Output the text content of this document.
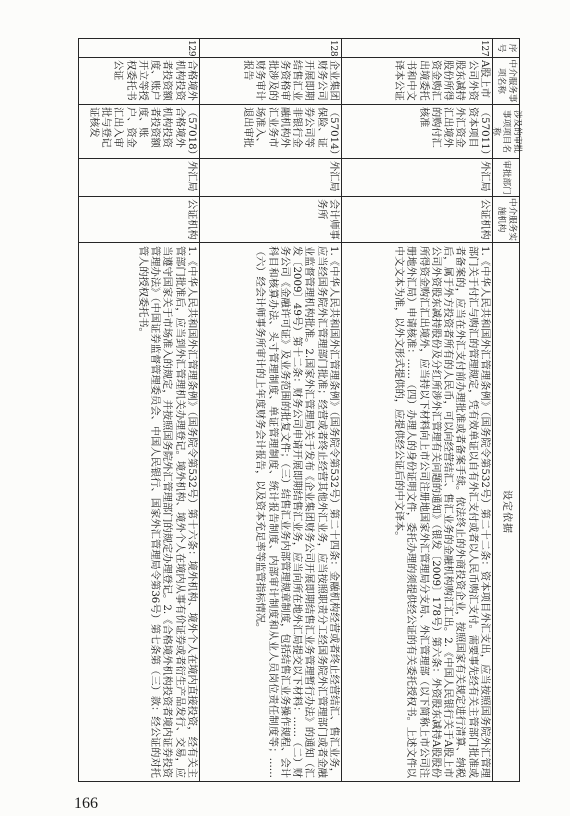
序号
中介服务事项名称
涉及的审批事项项目名称
审批部门
中介服务实施机构
设定依据
127
A股上市公司外资股东减持股份所得资金购汇出境委托书和中文译本公证
（57011）资本项目外汇资金汇出境外的购付汇核准
外汇局
公证机构
1.《中华人民共和国外汇管理条例》（国务院令第532号）第二十二条：资本项目外汇支出，应当按照国务院外汇管理部门关于付汇与购汇的管理规定，凭有效单证以自有外汇支付或者以人民币购汇支付。需要事先经有关主管部门批准或者备案的，应当在外汇支付前办理批准或者备案手续。依法终止的外商投资企业，按照国家有关规定进行清算、纳税后，属于外方投资者所有的人民币，可以向经营结汇、售汇业务的金融机构购汇汇出。2.《中国人民银行关于A股上市公司外资股东减持股份及分红所涉外汇管理有关问题的通知》（银发〔2009〕178号）第六条：外资股东减持A股股份所得资金购汇汇出境外，应当持以下材料向上市公司注册地国家外汇管理局分支局、外汇管理部（以下简称上市公司注册地外汇局）申请核准：……（四）办理人的身份证明文件，委托办理的须提供经公证的有关委托授权书。上述文件以中文文本为准，以外文形式提供的，应提供经公证后的中文译本。
128
企业集团财务公司开展即期结售汇业务资格审批涉及的财务审计报告
（57014）保险、证券公司等非银行金融机构外汇业务市场准入、退出审批
外汇局
会计师事务所
1.《中华人民共和国外汇管理条例》（国务院令第532号）第二十四条：金融机构经营或者终止经营结汇、售汇业务，应当经国务院外汇管理部门批准；经营或者终止经营其他外汇业务，应当按照职责分工经国务院外汇管理部门或者金融业监督管理机构批准。2.国家外汇管理局关于发布《企业集团财务公司开展即期结售汇业务管理暂行办法》的通知（汇发〔2009〕49号）第十二条：财务公司申请开展即期结售汇业务，应当向所在地外汇局提交以下材料：……（二）财务公司《金融许可证》及业务范围的批复文件；（三）结售汇业务内部管理规章制度，包括结售汇业务操作规程、会计科目和核算办法、头寸管理制度、单证管理制度、统计报告制度、内部审计制度和从业人员岗位责任制度等；……（六）经会计师事务所审计的上年度财务会计报告，以及资本充足率等监管指标情况。
129
合格境外机构投资者投资额度、账户开立等授权委托书公证
（57018）合格境外机构投资者投资额度、账户、资金汇出入审批与登记证核发
外汇局
公证机构
1.《中华人民共和国外汇管理条例》（国务院令第532号）第十六条：境外机构、境外个人在境内直接投资，经有关主管部门批准后，应当到外汇管理机关办理登记。境外机构、境外个人在境内从事有价证券或者衍生产品发行、交易，应当遵守国家关于市场准入的规定，并按照国务院外汇管理部门的规定办理登记。2.《合格境外机构投资者境内证券投资管理办法》（中国证券监督管理委员会、中国人民银行、国家外汇管理局令第36号）第七条第（三）款：经公证的对托管人的授权委托书。
166
